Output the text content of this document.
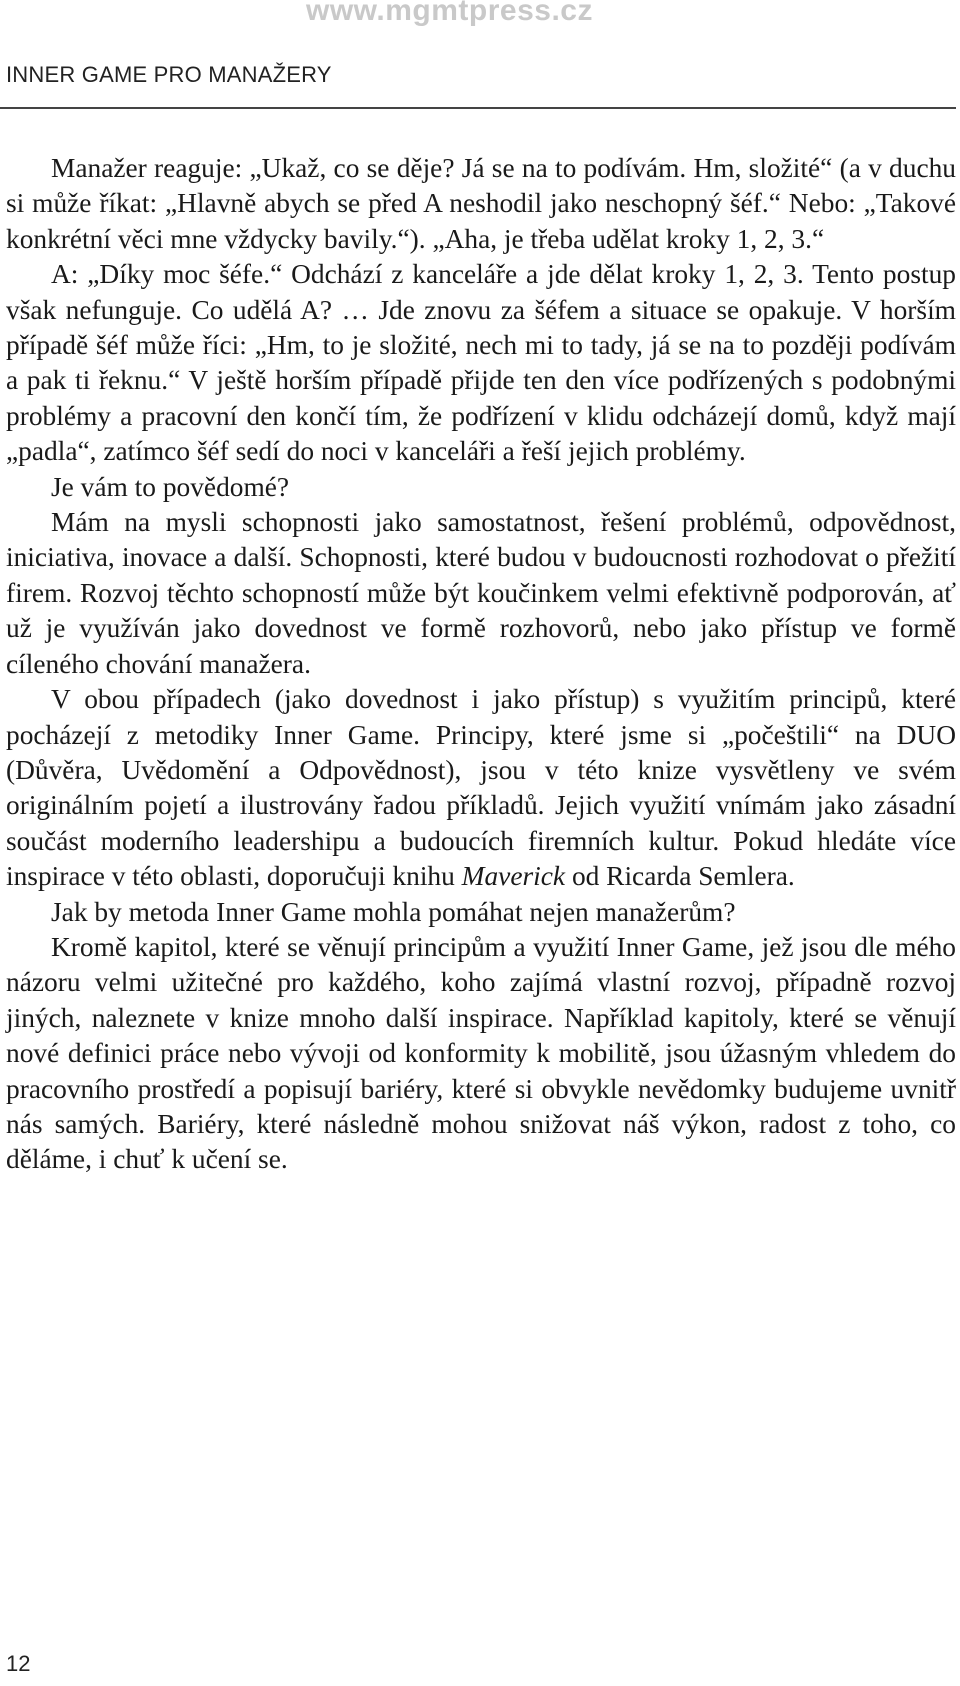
www.mgmtpress.cz
INNER GAME PRO MANAŽERY

Manažer reaguje: „Ukaž, co se děje? Já se na to podívám. Hm, složité“ (a v duchu si může říkat: „Hlavně abych se před A neshodil jako neschopný šéf.“ Nebo: „Takové konkrétní věci mne vždycky bavily.“). „Aha, je třeba udělat kroky 1, 2, 3.“

A: „Díky moc šéfe.“ Odchází z kanceláře a jde dělat kroky 1, 2, 3. Tento postup však nefunguje. Co udělá A? … Jde znovu za šéfem a situace se opakuje. V horším případě šéf může říci: „Hm, to je složité, nech mi to tady, já se na to později podívám a pak ti řeknu.“ V ještě horším případě přijde ten den více podřízených s podobnými problémy a pracovní den končí tím, že podřízení v klidu odcházejí domů, když mají „padla“, zatímco šéf sedí do noci v kanceláři a řeší jejich problémy.

Je vám to povědomé?

Mám na mysli schopnosti jako samostatnost, řešení problémů, odpovědnost, iniciativa, inovace a další. Schopnosti, které budou v budoucnosti rozhodovat o přežití firem. Rozvoj těchto schopností může být koučinkem velmi efektivně podporován, ať už je využíván jako dovednost ve formě rozhovorů, nebo jako přístup ve formě cíleného chování manažera.

V obou případech (jako dovednost i jako přístup) s využitím principů, které pocházejí z metodiky Inner Game. Principy, které jsme si „počeštili“ na DUO (Důvěra, Uvědomění a Odpovědnost), jsou v této knize vysvětleny ve svém originálním pojetí a ilustrovány řadou příkladů. Jejich využití vnímám jako zásadní součást moderního leadershipu a budoucích firemních kultur. Pokud hledáte více inspirace v této oblasti, doporučuji knihu Maverick od Ricarda Semlera.

Jak by metoda Inner Game mohla pomáhat nejen manažerům?

Kromě kapitol, které se věnují principům a využití Inner Game, jež jsou dle mého názoru velmi užitečné pro každého, koho zajímá vlastní rozvoj, případně rozvoj jiných, naleznete v knize mnoho další inspirace. Například kapitoly, které se věnují nové definici práce nebo vývoji od konformity k mobilitě, jsou úžasným vhledem do pracovního prostředí a popisují bariéry, které si obvykle nevědomky budujeme uvnitř nás samých. Bariéry, které následně mohou snižovat náš výkon, radost z toho, co děláme, i chuť k učení se.

12
